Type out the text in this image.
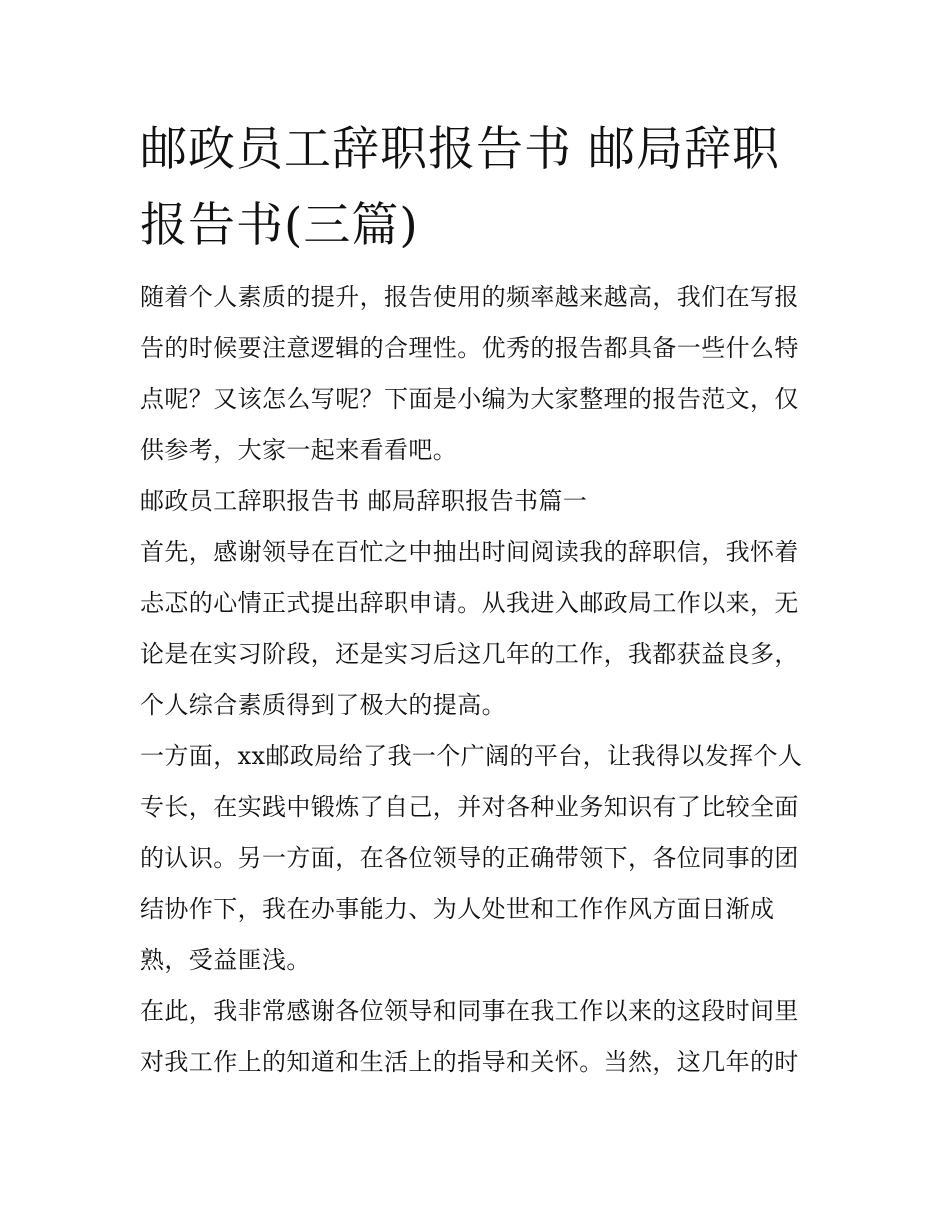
邮政员工辞职报告书 邮局辞职报告书(三篇)

随着个人素质的提升，报告使用的频率越来越高，我们在写报告的时候要注意逻辑的合理性。优秀的报告都具备一些什么特点呢？又该怎么写呢？下面是小编为大家整理的报告范文，仅供参考，大家一起来看看吧。

邮政员工辞职报告书 邮局辞职报告书篇一

首先，感谢领导在百忙之中抽出时间阅读我的辞职信，我怀着忐忑的心情正式提出辞职申请。从我进入邮政局工作以来，无论是在实习阶段，还是实习后这几年的工作，我都获益良多，个人综合素质得到了极大的提高。

一方面，xx邮政局给了我一个广阔的平台，让我得以发挥个人专长，在实践中锻炼了自己，并对各种业务知识有了比较全面的认识。另一方面，在各位领导的正确带领下，各位同事的团结协作下，我在办事能力、为人处世和工作作风方面日渐成熟，受益匪浅。

在此，我非常感谢各位领导和同事在我工作以来的这段时间里对我工作上的知道和生活上的指导和关怀。当然，这几年的时
